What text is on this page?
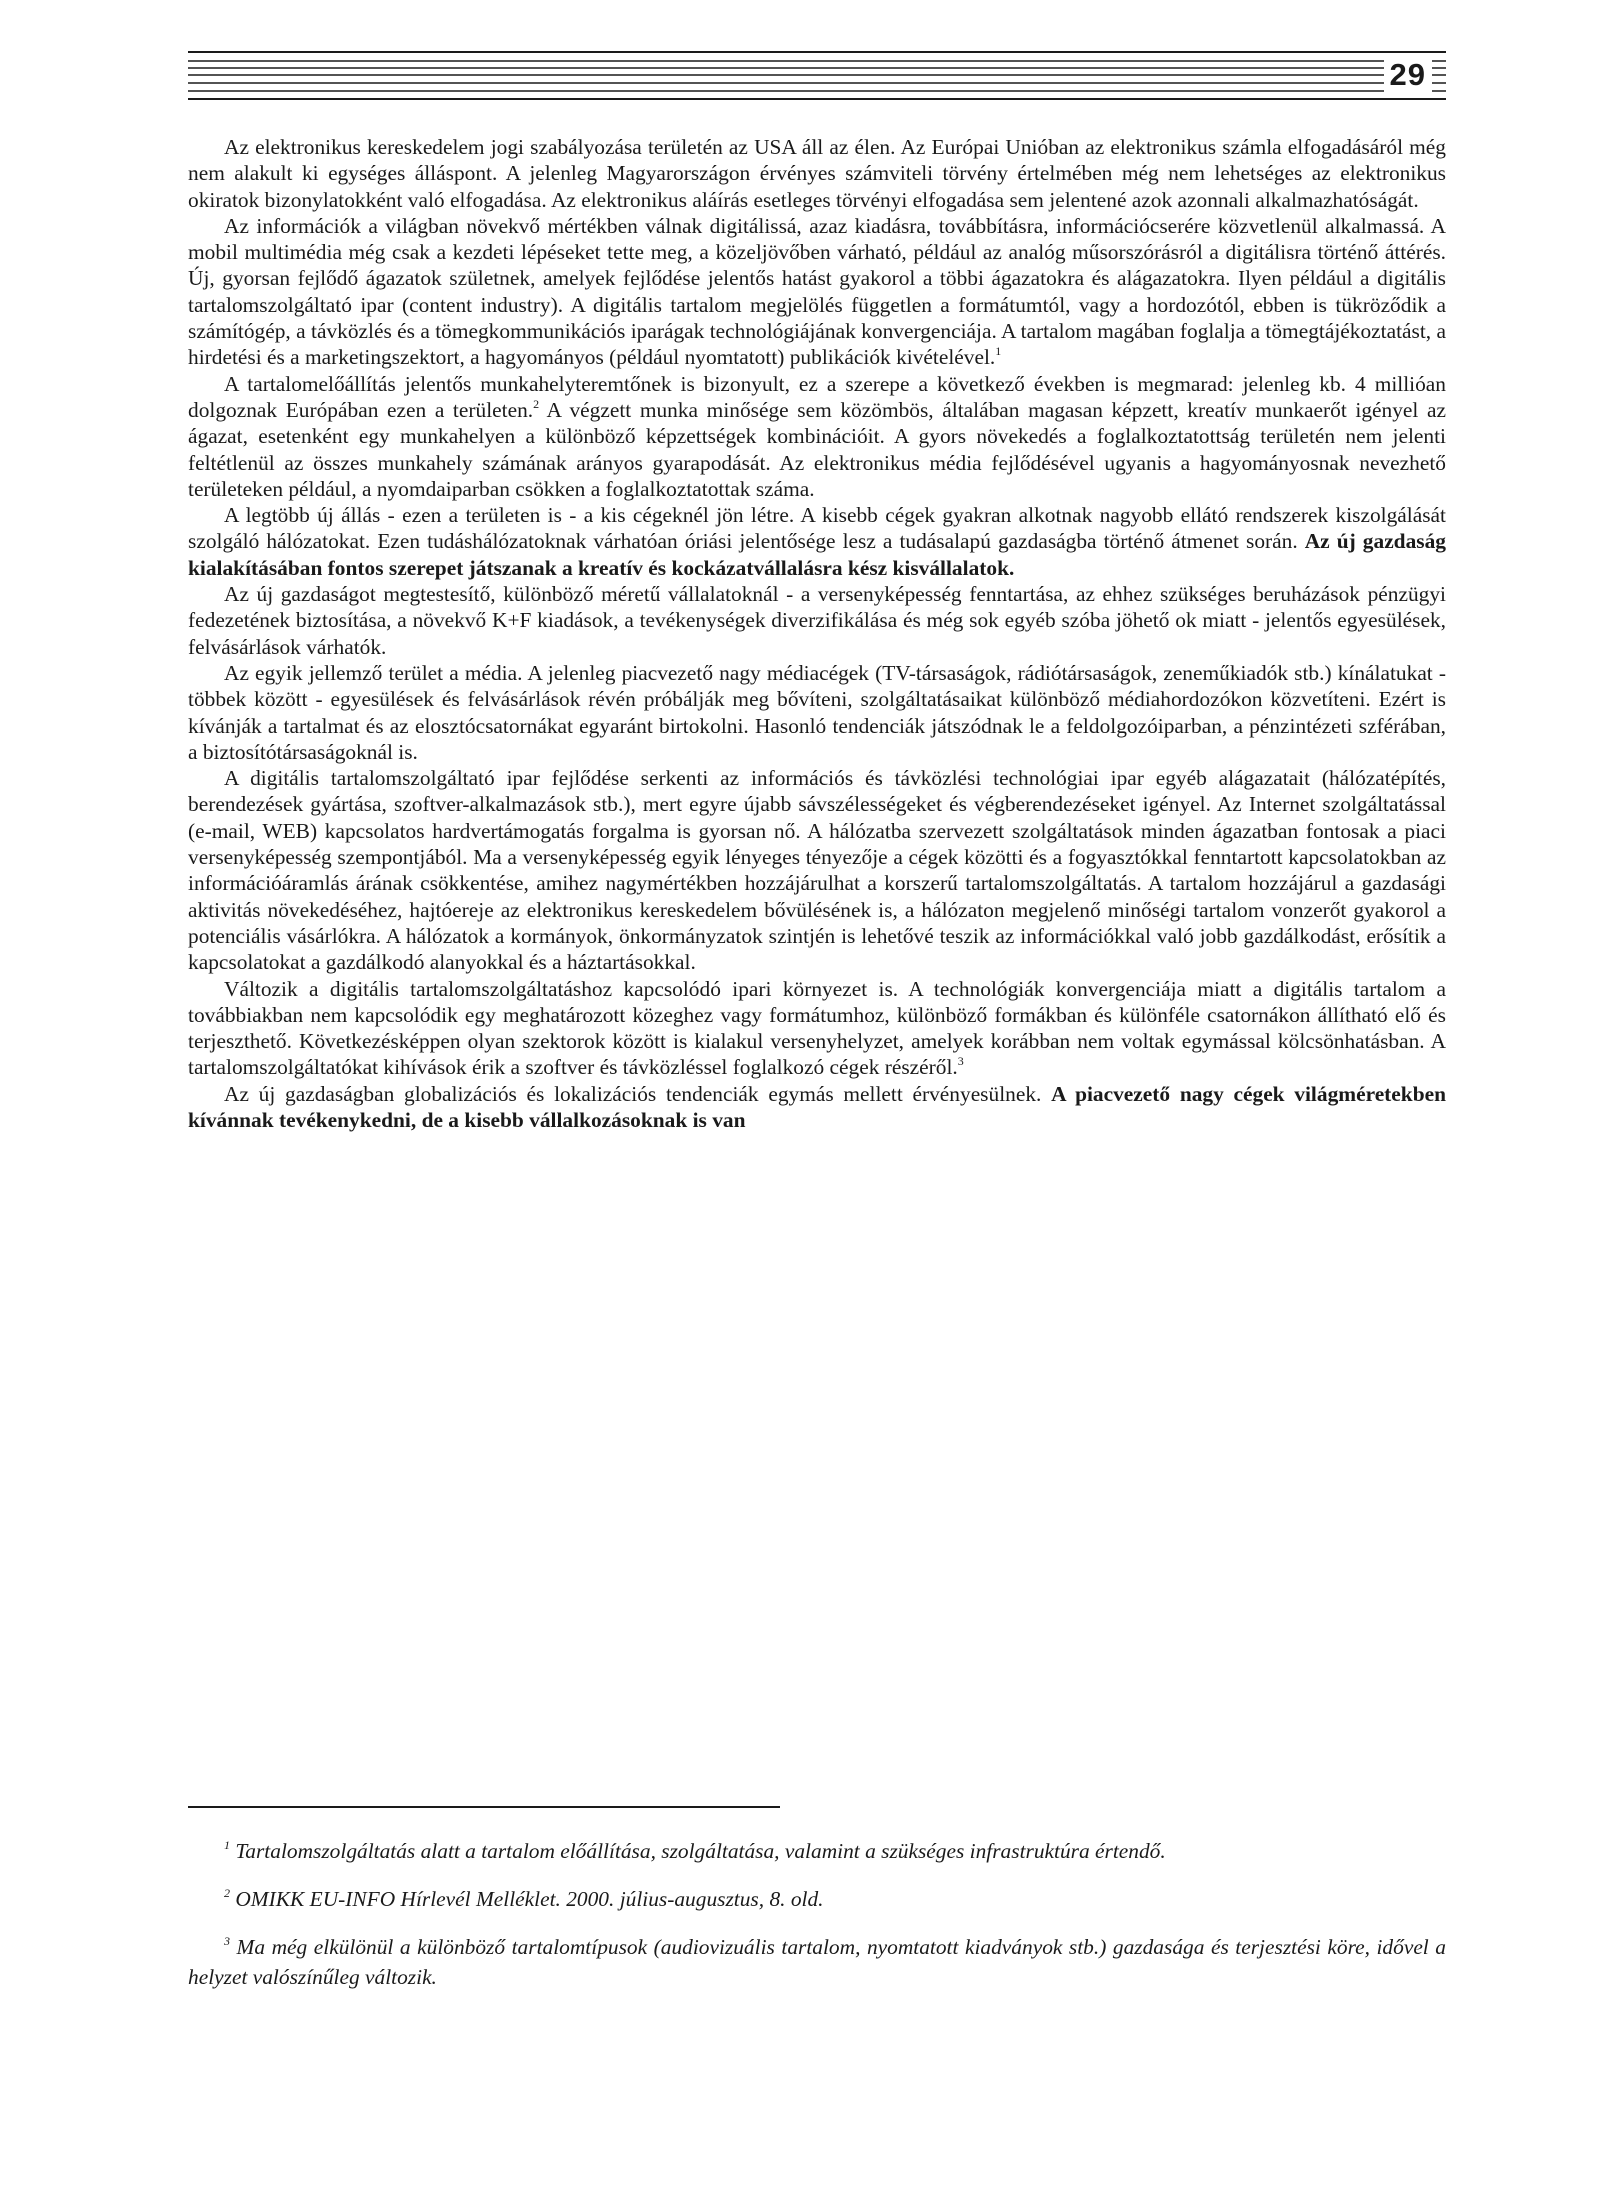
29

Az elektronikus kereskedelem jogi szabályozása területén az USA áll az élen. Az Európai Unióban az elektronikus számla elfogadásáról még nem alakult ki egységes álláspont. A jelenleg Magyarországon érvényes számviteli törvény értelmében még nem lehetséges az elektronikus okiratok bizonylatokként való elfogadása. Az elektronikus aláírás esetleges törvényi elfogadása sem jelentené azok azonnali alkalmazhatóságát.

Az információk a világban növekvő mértékben válnak digitálissá, azaz kiadásra, továbbításra, információcserére közvetlenül alkalmassá. A mobil multimédia még csak a kezdeti lépéseket tette meg, a közeljövőben várható, például az analóg műsorszórásról a digitálisra történő áttérés. Új, gyorsan fejlődő ágazatok születnek, amelyek fejlődése jelentős hatást gyakorol a többi ágazatokra és alágazatokra. Ilyen például a digitális tartalomszolgáltató ipar (content industry). A digitális tartalom megjelölés független a formátumtól, vagy a hordozótól, ebben is tükröződik a számítógép, a távközlés és a tömegkommunikációs iparágak technológiájának konvergenciája. A tartalom magában foglalja a tömegtájékoztatást, a hirdetési és a marketingszektort, a hagyományos (például nyomtatott) publikációk kivételével.$^1$

A tartalomelőállítás jelentős munkahelyteremtőnek is bizonyult, ez a szerepe a következő években is megmarad: jelenleg kb. 4 millióan dolgoznak Európában ezen a területen.$^2$ A végzett munka minősége sem közömbös, általában magasan képzett, kreatív munkaerőt igényel az ágazat, esetenként egy munkahelyen a különböző képzettségek kombinációit. A gyors növekedés a foglalkoztatottság területén nem jelenti feltétlenül az összes munkahely számának arányos gyarapodását. Az elektronikus média fejlődésével ugyanis a hagyományosnak nevezhető területeken például, a nyomdaiparban csökken a foglalkoztatottak száma.

A legtöbb új állás - ezen a területen is - a kis cégeknél jön létre. A kisebb cégek gyakran alkotnak nagyobb ellátó rendszerek kiszolgálását szolgáló hálózatokat. Ezen tudáshálózatoknak várhatóan óriási jelentősége lesz a tudásalapú gazdaságba történő átmenet során. Az új gazdaság kialakításában fontos szerepet játszanak a kreatív és kockázatvállalásra kész kisvállalatok.

Az új gazdaságot megtestesítő, különböző méretű vállalatoknál - a versenyképesség fenntartása, az ehhez szükséges beruházások pénzügyi fedezetének biztosítása, a növekvő K+F kiadások, a tevékenységek diverzifikálása és még sok egyéb szóba jöhető ok miatt - jelentős egyesülések, felvásárlások várhatók.

Az egyik jellemző terület a média. A jelenleg piacvezető nagy médiacégek (TV-társaságok, rádiótársaságok, zeneműkiadók stb.) kínálatukat - többek között - egyesülések és felvásárlások révén próbálják meg bővíteni, szolgáltatásaikat különböző médiahordozókon közvetíteni. Ezért is kívánják a tartalmat és az elosztócsatornákat egyaránt birtokolni. Hasonló tendenciák játszódnak le a feldolgozóiparban, a pénzintézeti szférában, a biztosítótársaságoknál is.

A digitális tartalomszolgáltató ipar fejlődése serkenti az információs és távközlési technológiai ipar egyéb alágazatait (hálózatépítés, berendezések gyártása, szoftver-alkalmazások stb.), mert egyre újabb sávszélességeket és végberendezéseket igényel. Az Internet szolgáltatással (e-mail, WEB) kapcsolatos hardvertámogatás forgalma is gyorsan nő. A hálózatba szervezett szolgáltatások minden ágazatban fontosak a piaci versenyképesség szempontjából. Ma a versenyképesség egyik lényeges tényezője a cégek közötti és a fogyasztókkal fenntartott kapcsolatokban az információáramlás árának csökkentése, amihez nagymértékben hozzájárulhat a korszerű tartalomszolgáltatás. A tartalom hozzájárul a gazdasági aktivitás növekedéséhez, hajtóereje az elektronikus kereskedelem bővülésének is, a hálózaton megjelenő minőségi tartalom vonzerőt gyakorol a potenciális vásárlókra. A hálózatok a kormányok, önkormányzatok szintjén is lehetővé teszik az információkkal való jobb gazdálkodást, erősítik a kapcsolatokat a gazdálkodó alanyokkal és a háztartásokkal.

Változik a digitális tartalomszolgáltatáshoz kapcsolódó ipari környezet is. A technológiák konvergenciája miatt a digitális tartalom a továbbiakban nem kapcsolódik egy meghatározott közeghez vagy formátumhoz, különböző formákban és különféle csatornákon állítható elő és terjeszthető. Következésképpen olyan szektorok között is kialakul versenyhelyzet, amelyek korábban nem voltak egymással kölcsönhatásban. A tartalomszolgáltatókat kihívások érik a szoftver és távközléssel foglalkozó cégek részéről.$^3$

Az új gazdaságban globalizációs és lokalizációs tendenciák egymás mellett érvényesülnek. A piacvezető nagy cégek világméretekben kívánnak tevékenykedni, de a kisebb vállalkozásoknak is van

$^1$ Tartalomszolgáltatás alatt a tartalom előállítása, szolgáltatása, valamint a szükséges infrastruktúra értendő.

$^2$ OMIKK EU-INFO Hírlevél Melléklet. 2000. július-augusztus, 8. old.

$^3$ Ma még elkülönül a különböző tartalomtípusok (audiovizuális tartalom, nyomtatott kiadványok stb.) gazdasága és terjesztési köre, idővel a helyzet valószínűleg változik.
